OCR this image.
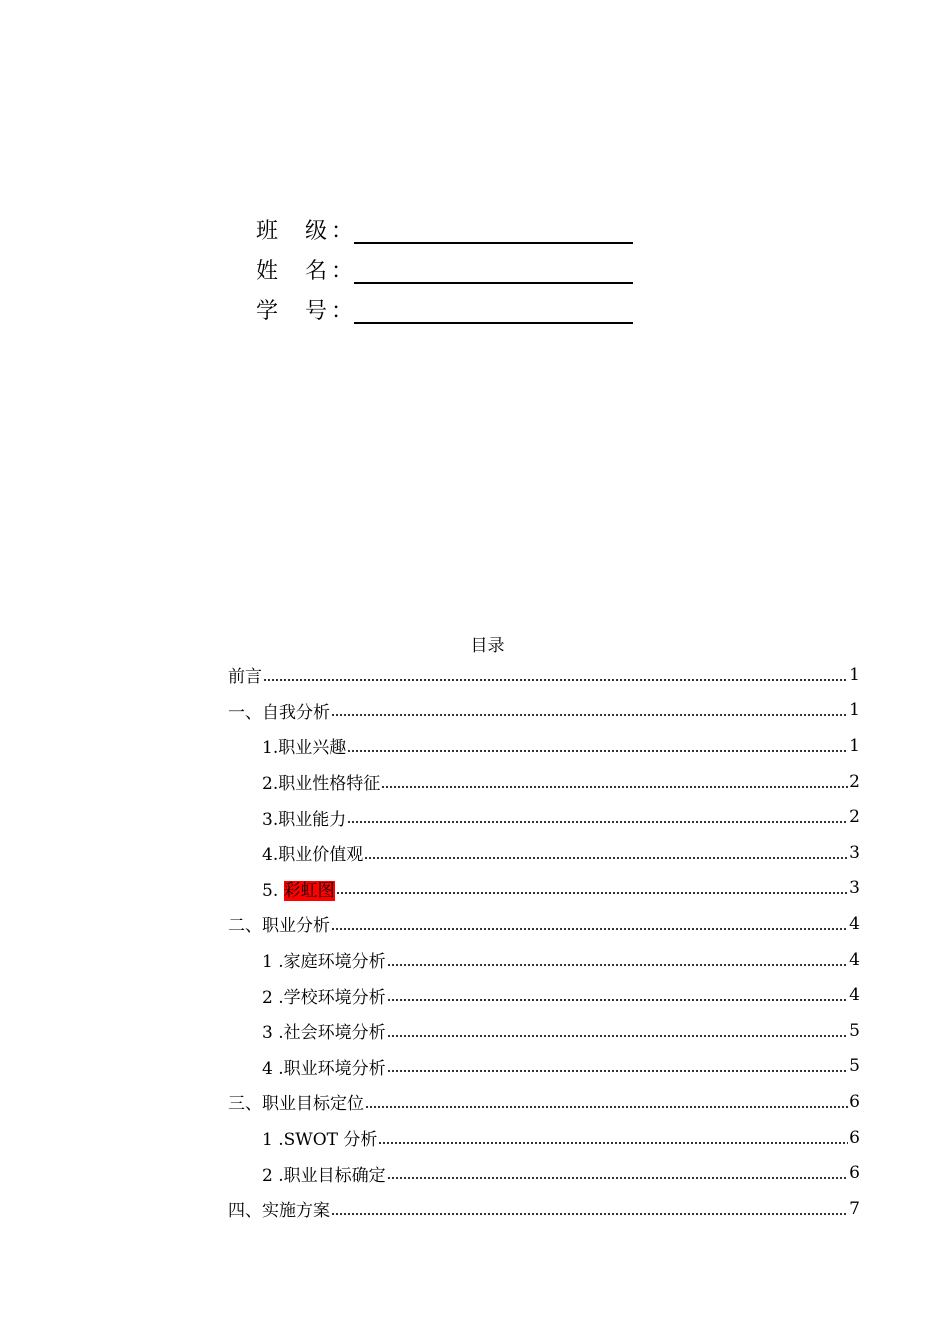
班 级 ：
姓 名 ：
学 号 ：
目录
前言	1
一、自我分析	1
1.职业兴趣	1
2.职业性格特征	2
3.职业能力	2
4.职业价值观	3
5. 彩虹图	3
二、职业分析	4
1 .家庭环境分析	4
2 .学校环境分析	4
3 .社会环境分析	5
4 .职业环境分析	5
三、职业目标定位	6
1 .SWOT 分析	6
2 .职业目标确定	6
四、实施方案	7
